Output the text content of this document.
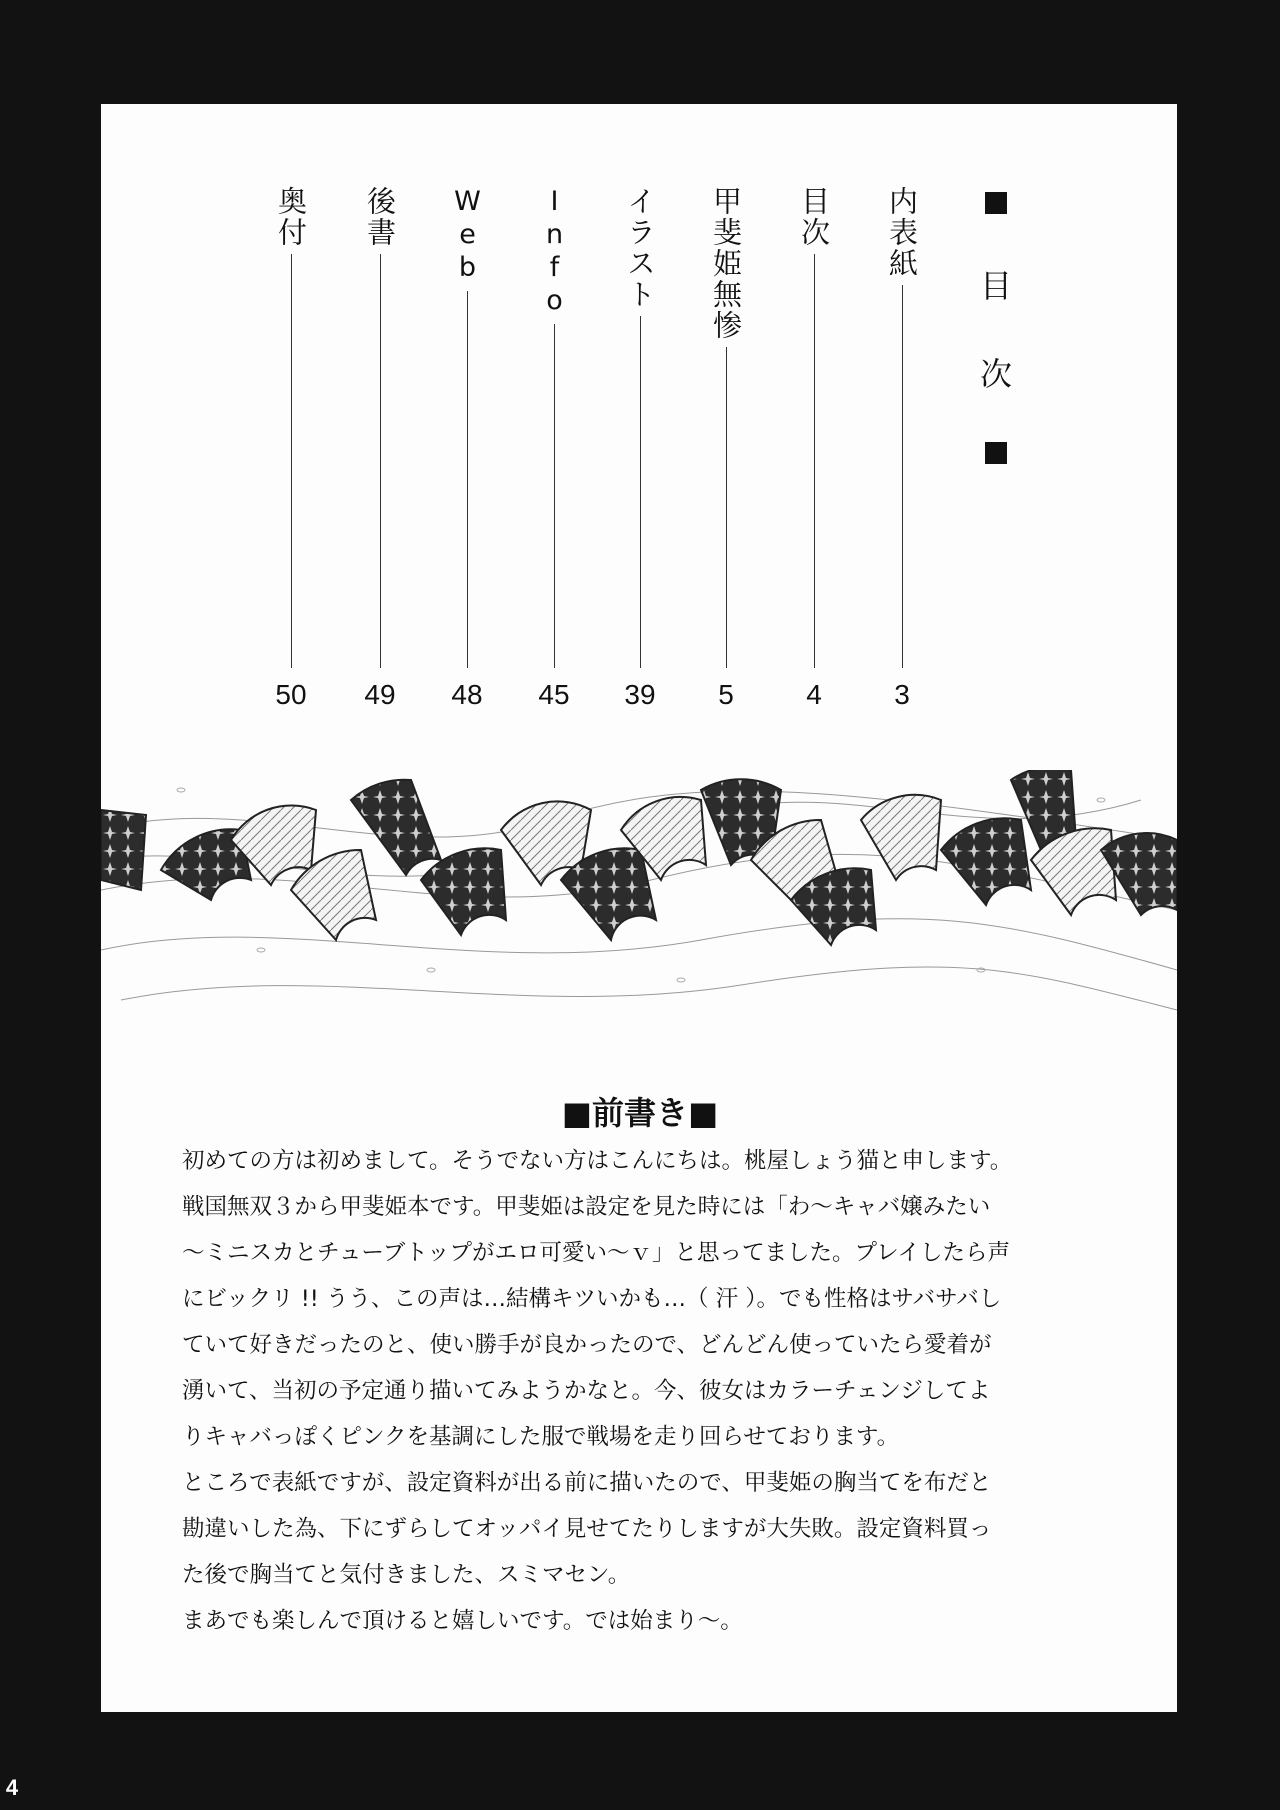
4
目
次
内表紙
3
目次
4
甲斐姫無惨
5
イラスト
39
Info
45
Web
48
後書
49
奥付
50
■前書き■

初めての方は初めまして。そうでない方はこんにちは。桃屋しょう猫と申します。

戦国無双３から甲斐姫本です。甲斐姫は設定を見た時には「わ～キャバ嬢みたい

～ミニスカとチューブトップがエロ可愛い～ｖ」と思ってました。プレイしたら声

にビックリ !! うう、この声は…結構キツいかも…（ 汗 ）。でも性格はサバサバし

ていて好きだったのと、使い勝手が良かったので、どんどん使っていたら愛着が

湧いて、当初の予定通り描いてみようかなと。今、彼女はカラーチェンジしてよ

りキャバっぽくピンクを基調にした服で戦場を走り回らせております。

ところで表紙ですが、設定資料が出る前に描いたので、甲斐姫の胸当てを布だと

勘違いした為、下にずらしてオッパイ見せてたりしますが大失敗。設定資料買っ

た後で胸当てと気付きました、スミマセン。

まあでも楽しんで頂けると嬉しいです。では始まり～。
